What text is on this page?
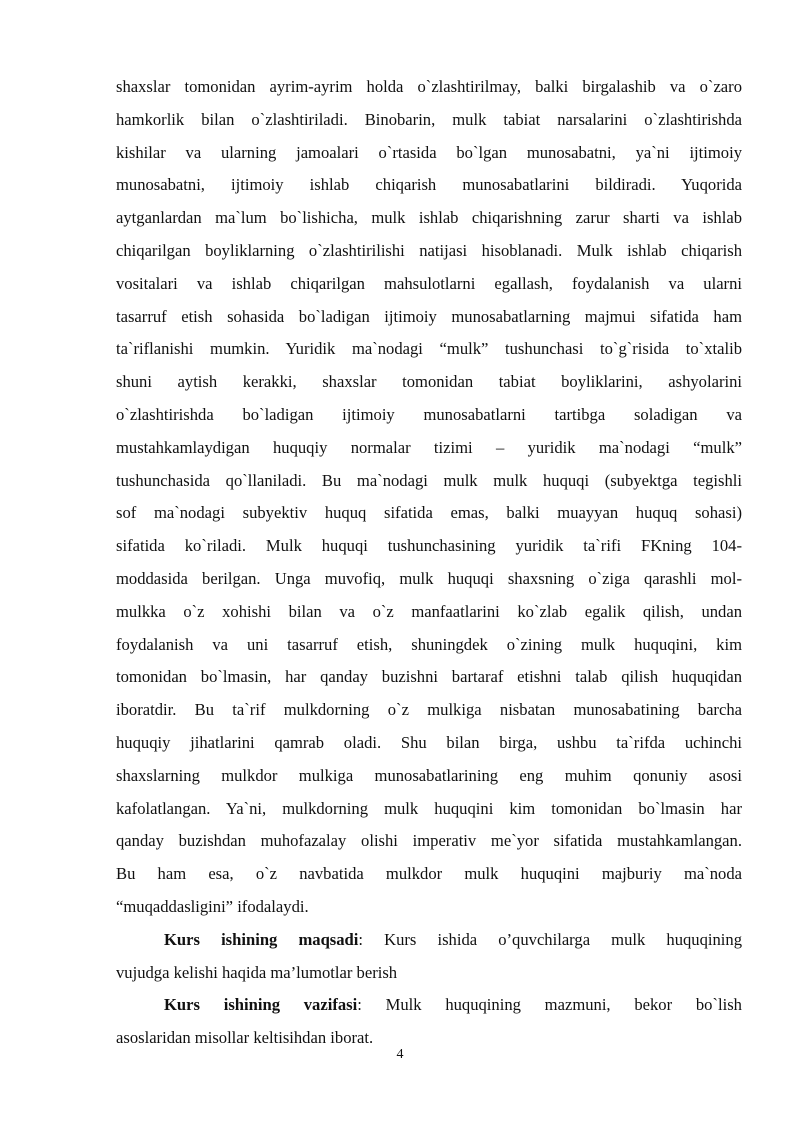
shaxslar tomonidan ayrim-ayrim holda o`zlashtirilmay, balki birgalashib va o`zaro
hamkorlik bilan o`zlashtiriladi. Binobarin, mulk tabiat narsalarini o`zlashtirishda
kishilar va ularning jamoalari o`rtasida bo`lgan munosabatni, ya`ni ijtimoiy
munosabatni, ijtimoiy ishlab chiqarish munosabatlarini bildiradi. Yuqorida
aytganlardan ma`lum bo`lishicha, mulk ishlab chiqarishning zarur sharti va ishlab
chiqarilgan boyliklarning o`zlashtirilishi natijasi hisoblanadi. Mulk ishlab chiqarish
vositalari va ishlab chiqarilgan mahsulotlarni egallash, foydalanish va ularni
tasarruf etish sohasida bo`ladigan ijtimoiy munosabatlarning majmui sifatida ham
ta`riflanishi mumkin. Yuridik ma`nodagi “mulk” tushunchasi to`g`risida to`xtalib
shuni aytish kerakki, shaxslar tomonidan tabiat boyliklarini, ashyolarini
o`zlashtirishda bo`ladigan ijtimoiy munosabatlarni tartibga soladigan va
mustahkamlaydigan huquqiy normalar tizimi – yuridik ma`nodagi “mulk”
tushunchasida qo`llaniladi. Bu ma`nodagi mulk mulk huquqi (subyektga tegishli
sof ma`nodagi subyektiv huquq sifatida emas, balki muayyan huquq sohasi)
sifatida ko`riladi. Mulk huquqi tushunchasining yuridik ta`rifi FKning 104-
moddasida berilgan. Unga muvofiq, mulk huquqi shaxsning o`ziga qarashli mol-
mulkka o`z xohishi bilan va o`z manfaatlarini ko`zlab egalik qilish, undan
foydalanish va uni tasarruf etish, shuningdek o`zining mulk huquqini, kim
tomonidan bo`lmasin, har qanday buzishni bartaraf etishni talab qilish huquqidan
iboratdir. Bu ta`rif mulkdorning o`z mulkiga nisbatan munosabatining barcha
huquqiy jihatlarini qamrab oladi. Shu bilan birga, ushbu ta`rifda uchinchi
shaxslarning mulkdor mulkiga munosabatlarining eng muhim qonuniy asosi
kafolatlangan. Ya`ni, mulkdorning mulk huquqini kim tomonidan bo`lmasin har
qanday buzishdan muhofazalay olishi imperativ me`yor sifatida mustahkamlangan.
Bu ham esa, o`z navbatida mulkdor mulk huquqini majburiy ma`noda
“muqaddasligini” ifodalaydi.
Kurs ishining maqsadi: Kurs ishida o’quvchilarga mulk huquqining
vujudga kelishi haqida ma’lumotlar berish
Kurs ishining vazifasi: Mulk huquqining mazmuni, bekor bo`lish
asoslaridan misollar keltisihdan iborat.
4
